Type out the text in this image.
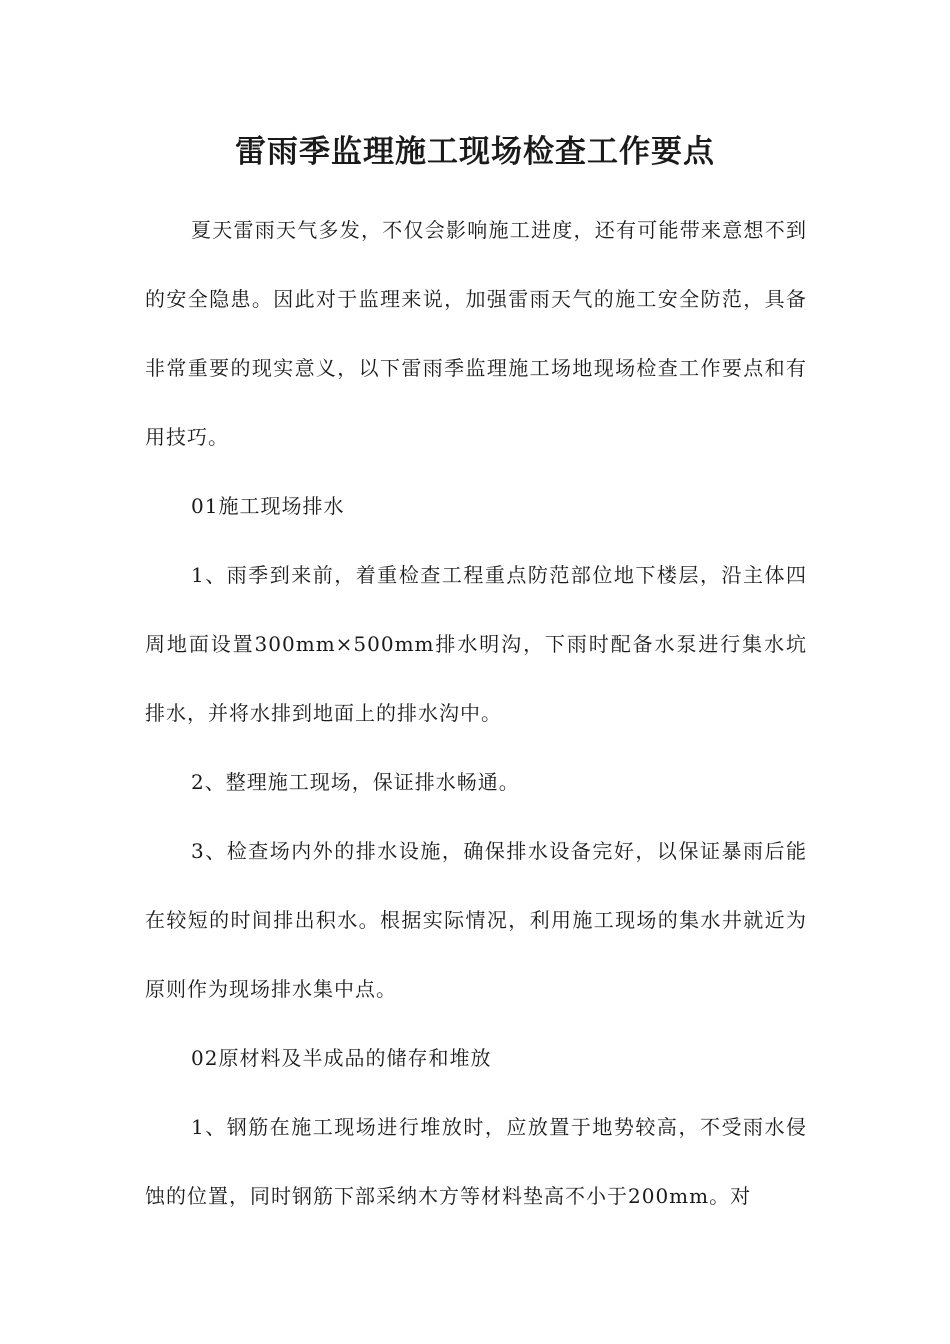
雷雨季监理施工现场检查工作要点

夏天雷雨天气多发，不仅会影响施工进度，还有可能带来意想不到的安全隐患。因此对于监理来说，加强雷雨天气的施工安全防范，具备非常重要的现实意义，以下雷雨季监理施工场地现场检查工作要点和有用技巧。

01施工现场排水

1、雨季到来前，着重检查工程重点防范部位地下楼层，沿主体四周地面设置300mm×500mm排水明沟，下雨时配备水泵进行集水坑排水，并将水排到地面上的排水沟中。

2、整理施工现场，保证排水畅通。

3、检查场内外的排水设施，确保排水设备完好，以保证暴雨后能在较短的时间排出积水。根据实际情况，利用施工现场的集水井就近为原则作为现场排水集中点。

02原材料及半成品的储存和堆放

1、钢筋在施工现场进行堆放时，应放置于地势较高，不受雨水侵蚀的位置，同时钢筋下部采纳木方等材料垫高不小于200mm。对
